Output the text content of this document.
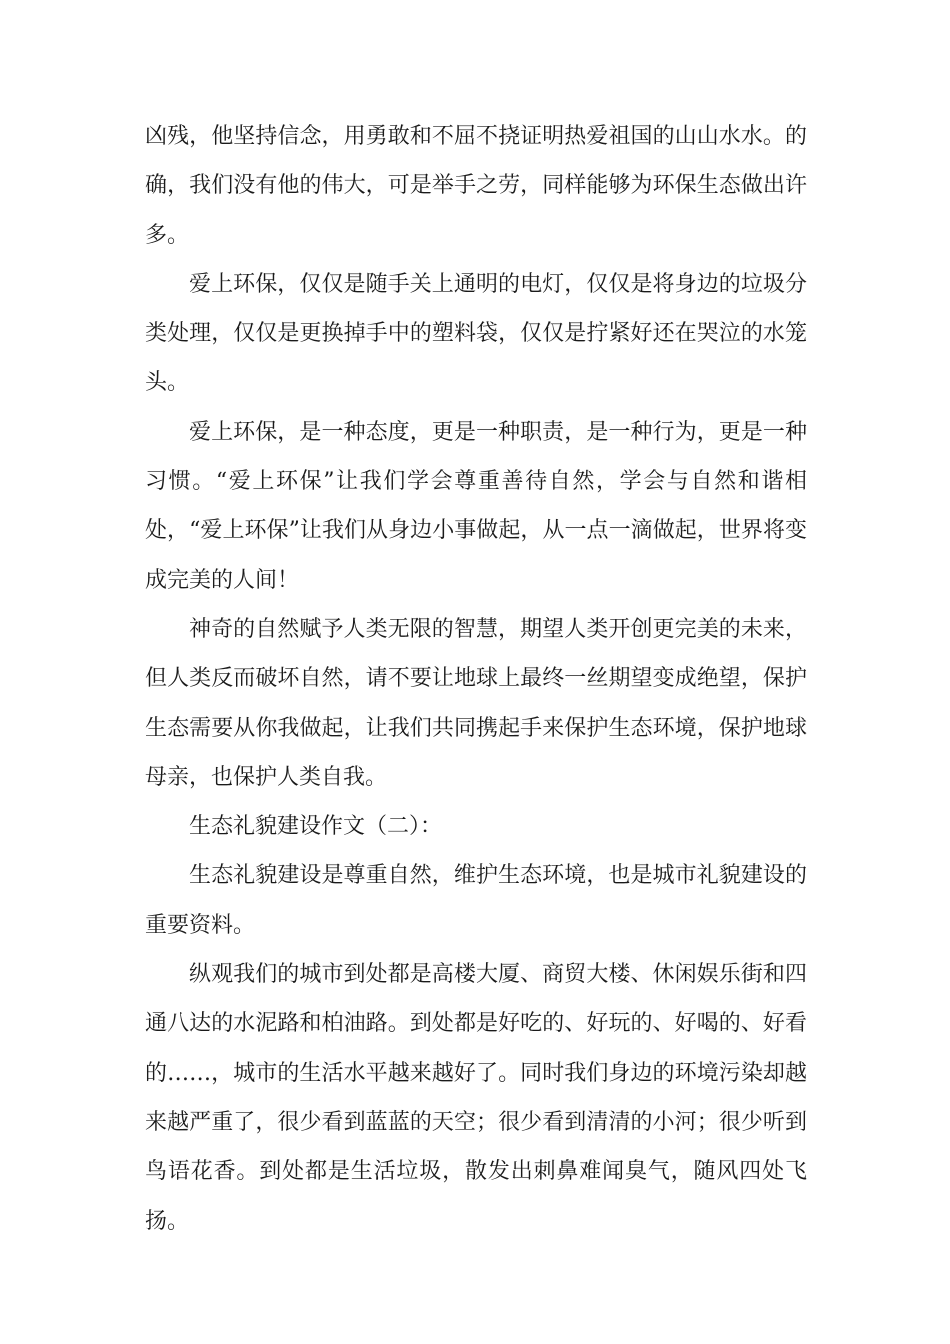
凶残，他坚持信念，用勇敢和不屈不挠证明热爱祖国的山山水水。的确，我们没有他的伟大，可是举手之劳，同样能够为环保生态做出许多。

爱上环保，仅仅是随手关上通明的电灯，仅仅是将身边的垃圾分类处理，仅仅是更换掉手中的塑料袋，仅仅是拧紧好还在哭泣的水笼头。

爱上环保，是一种态度，更是一种职责，是一种行为，更是一种习惯。“爱上环保”让我们学会尊重善待自然，学会与自然和谐相处，“爱上环保”让我们从身边小事做起，从一点一滴做起，世界将变成完美的人间！

神奇的自然赋予人类无限的智慧，期望人类开创更完美的未来，但人类反而破坏自然，请不要让地球上最终一丝期望变成绝望，保护生态需要从你我做起，让我们共同携起手来保护生态环境，保护地球母亲，也保护人类自我。

生态礼貌建设作文（二）：

生态礼貌建设是尊重自然，维护生态环境，也是城市礼貌建设的重要资料。

纵观我们的城市到处都是高楼大厦、商贸大楼、休闲娱乐街和四通八达的水泥路和柏油路。到处都是好吃的、好玩的、好喝的、好看的……，城市的生活水平越来越好了。同时我们身边的环境污染却越来越严重了，很少看到蓝蓝的天空；很少看到清清的小河；很少听到鸟语花香。到处都是生活垃圾，散发出刺鼻难闻臭气，随风四处飞扬。
